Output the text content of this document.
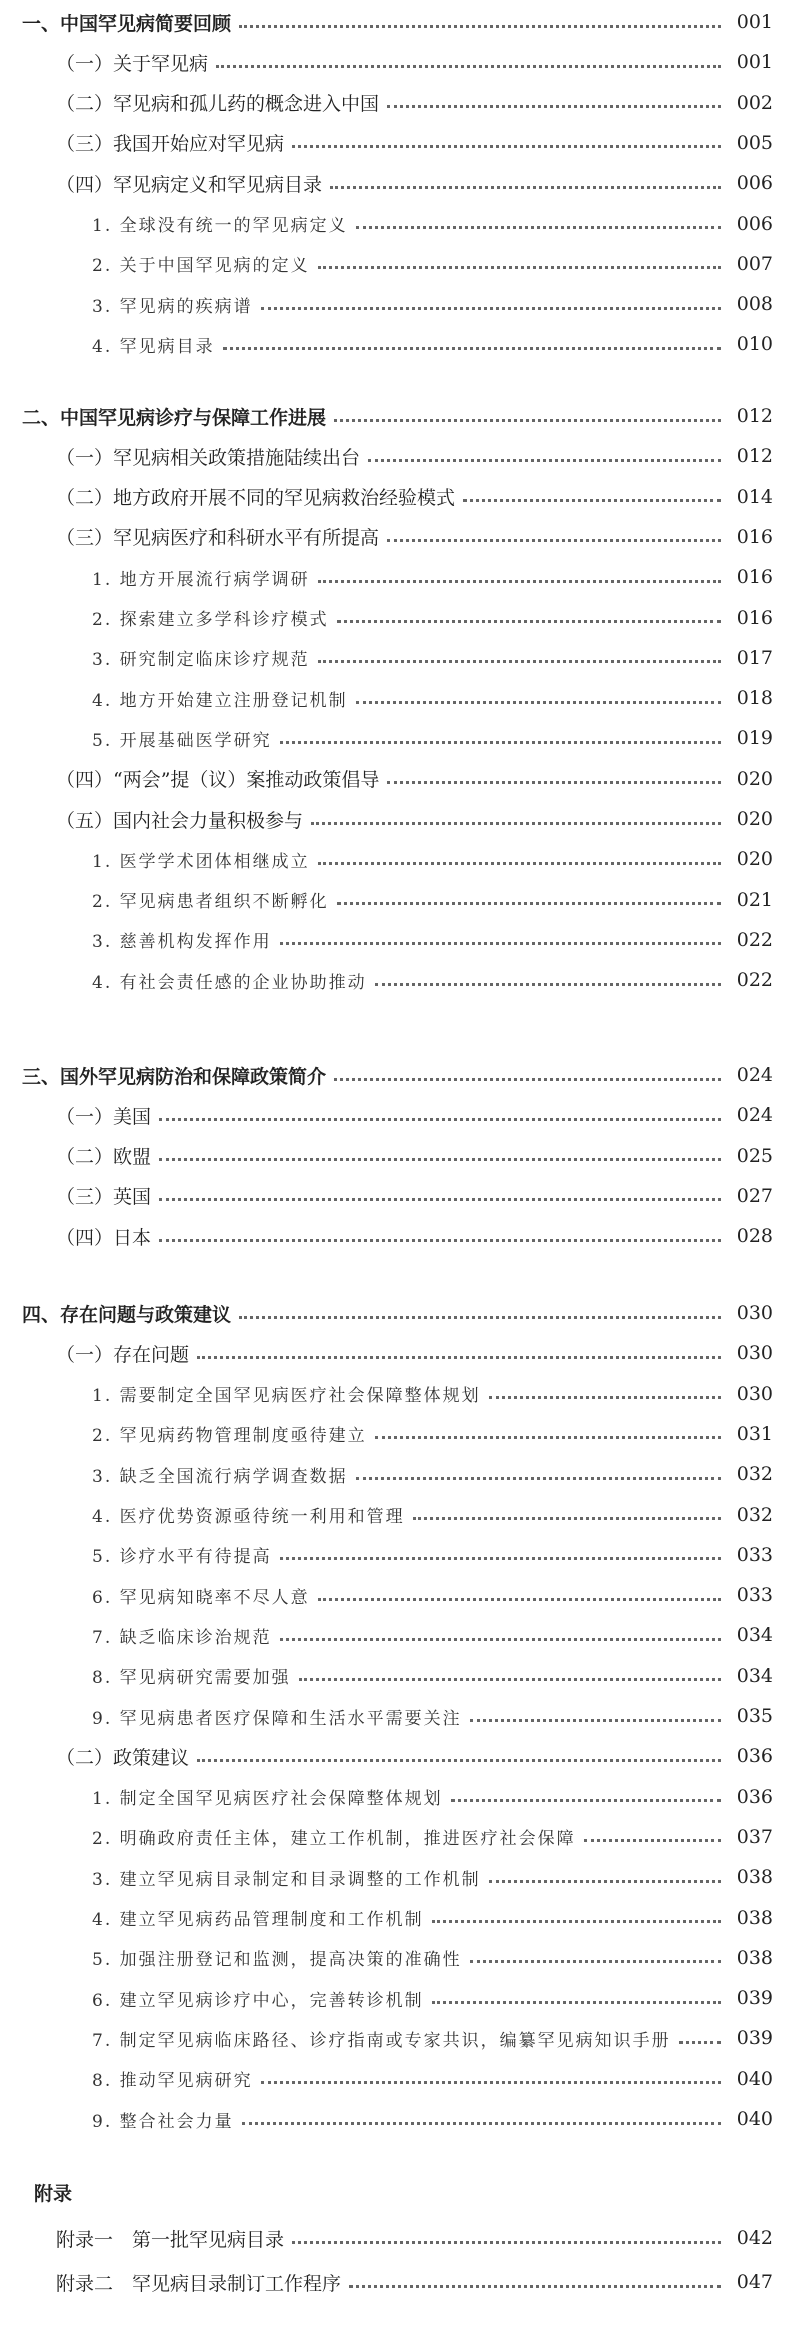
一、中国罕见病简要回顾	001
（一）关于罕见病	001
（二）罕见病和孤儿药的概念进入中国	002
（三）我国开始应对罕见病	005
（四）罕见病定义和罕见病目录	006
1. 全球没有统一的罕见病定义	006
2. 关于中国罕见病的定义	007
3. 罕见病的疾病谱	008
4. 罕见病目录	010
二、中国罕见病诊疗与保障工作进展	012
（一）罕见病相关政策措施陆续出台	012
（二）地方政府开展不同的罕见病救治经验模式	014
（三）罕见病医疗和科研水平有所提高	016
1. 地方开展流行病学调研	016
2. 探索建立多学科诊疗模式	016
3. 研究制定临床诊疗规范	017
4. 地方开始建立注册登记机制	018
5. 开展基础医学研究	019
（四）“两会”提（议）案推动政策倡导	020
（五）国内社会力量积极参与	020
1. 医学学术团体相继成立	020
2. 罕见病患者组织不断孵化	021
3. 慈善机构发挥作用	022
4. 有社会责任感的企业协助推动	022
三、国外罕见病防治和保障政策简介	024
（一）美国	024
（二）欧盟	025
（三）英国	027
（四）日本	028
四、存在问题与政策建议	030
（一）存在问题	030
1. 需要制定全国罕见病医疗社会保障整体规划	030
2. 罕见病药物管理制度亟待建立	031
3. 缺乏全国流行病学调查数据	032
4. 医疗优势资源亟待统一利用和管理	032
5. 诊疗水平有待提高	033
6. 罕见病知晓率不尽人意	033
7. 缺乏临床诊治规范	034
8. 罕见病研究需要加强	034
9. 罕见病患者医疗保障和生活水平需要关注	035
（二）政策建议	036
1. 制定全国罕见病医疗社会保障整体规划	036
2. 明确政府责任主体，建立工作机制，推进医疗社会保障	037
3. 建立罕见病目录制定和目录调整的工作机制	038
4. 建立罕见病药品管理制度和工作机制	038
5. 加强注册登记和监测，提高决策的准确性	038
6. 建立罕见病诊疗中心，完善转诊机制	039
7. 制定罕见病临床路径、诊疗指南或专家共识，编纂罕见病知识手册	039
8. 推动罕见病研究	040
9. 整合社会力量	040
附录
附录一　第一批罕见病目录	042
附录二　罕见病目录制订工作程序	047
